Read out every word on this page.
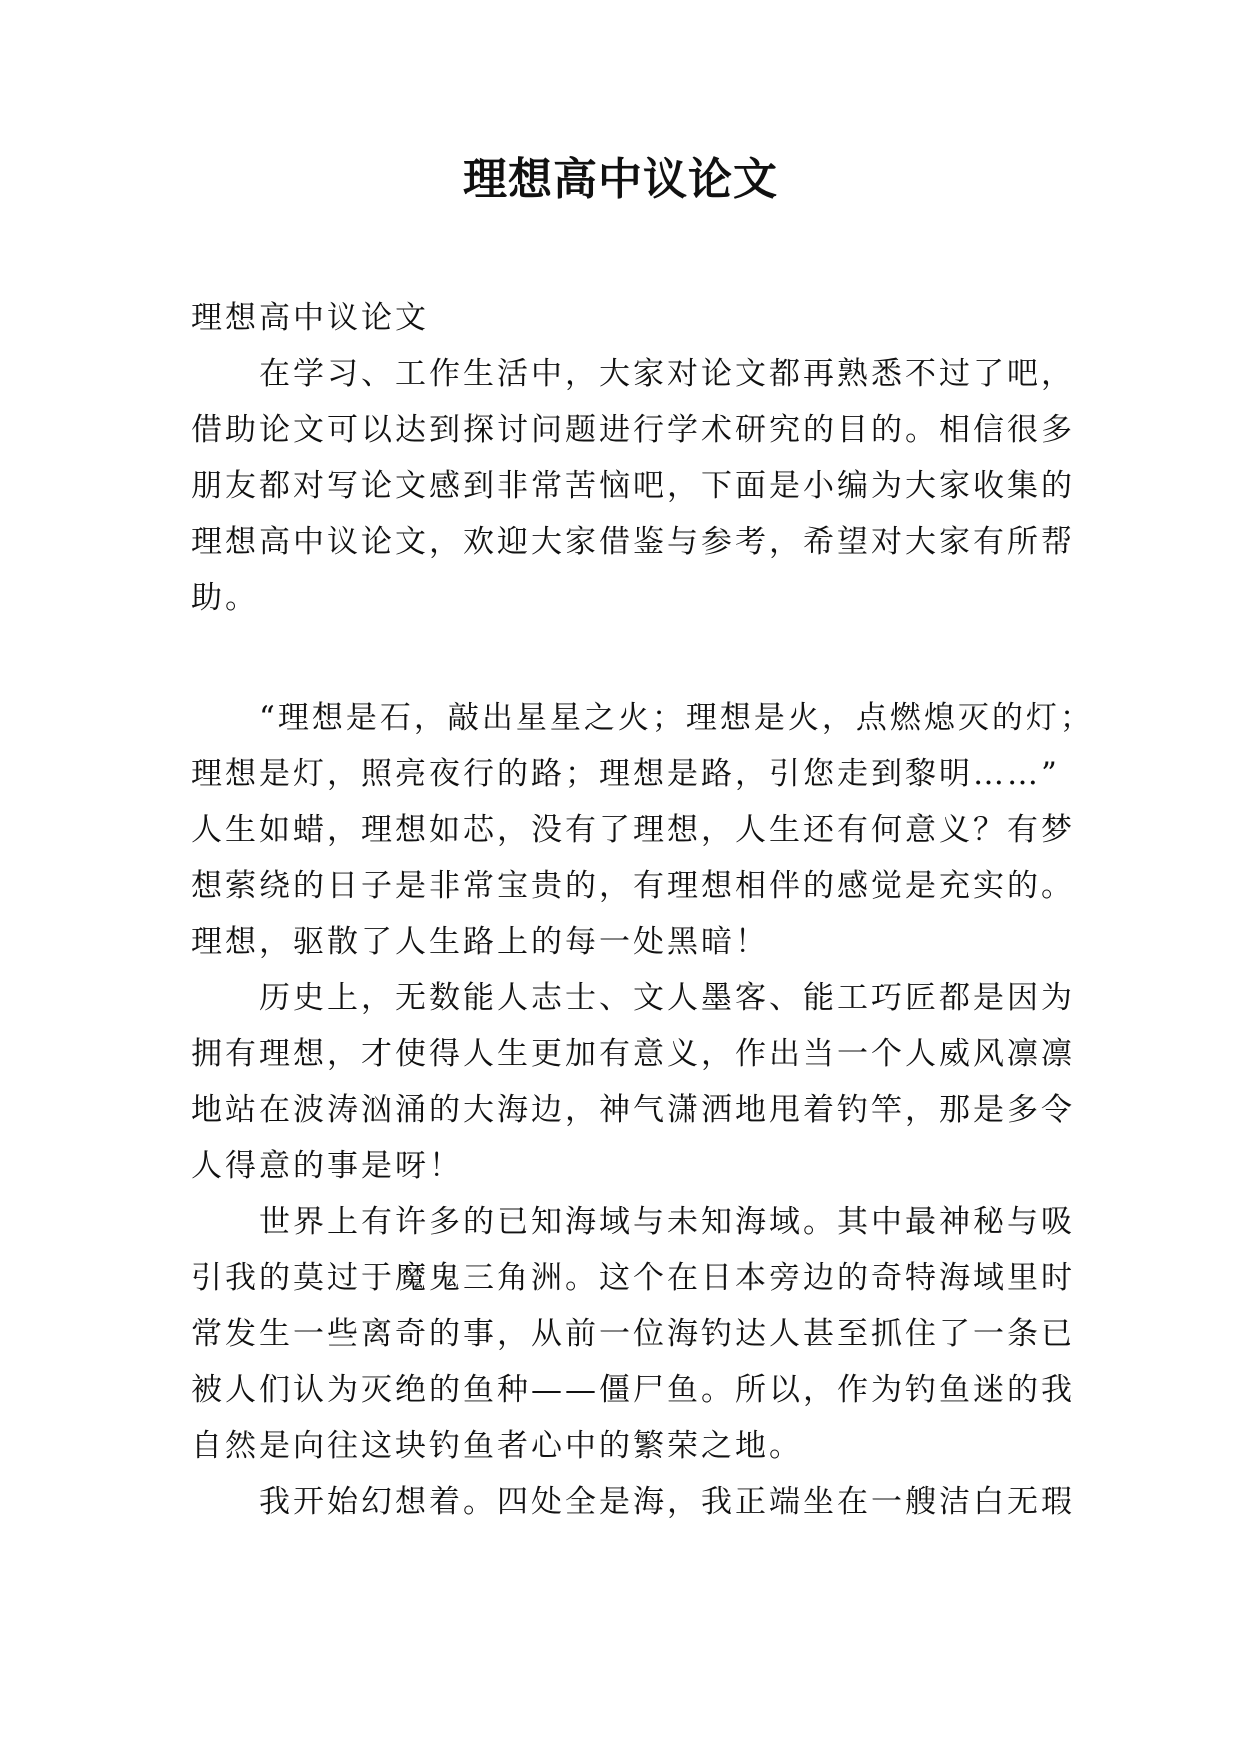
理想高中议论文
理想高中议论文
　　在学习、工作生活中，大家对论文都再熟悉不过了吧，
借助论文可以达到探讨问题进行学术研究的目的。相信很多
朋友都对写论文感到非常苦恼吧，下面是小编为大家收集的
理想高中议论文，欢迎大家借鉴与参考，希望对大家有所帮
助。
　　“理想是石，敲出星星之火；理想是火，点燃熄灭的灯；
理想是灯，照亮夜行的路；理想是路，引您走到黎明……”
人生如蜡，理想如芯，没有了理想，人生还有何意义？有梦
想萦绕的日子是非常宝贵的，有理想相伴的感觉是充实的。
理想，驱散了人生路上的每一处黑暗！
　　历史上，无数能人志士、文人墨客、能工巧匠都是因为
拥有理想，才使得人生更加有意义，作出当一个人威风凛凛
地站在波涛汹涌的大海边，神气潇洒地甩着钓竿，那是多令
人得意的事是呀！
　　世界上有许多的已知海域与未知海域。其中最神秘与吸
引我的莫过于魔鬼三角洲。这个在日本旁边的奇特海域里时
常发生一些离奇的事，从前一位海钓达人甚至抓住了一条已
被人们认为灭绝的鱼种——僵尸鱼。所以，作为钓鱼迷的我
自然是向往这块钓鱼者心中的繁荣之地。
　　我开始幻想着。四处全是海，我正端坐在一艘洁白无瑕
